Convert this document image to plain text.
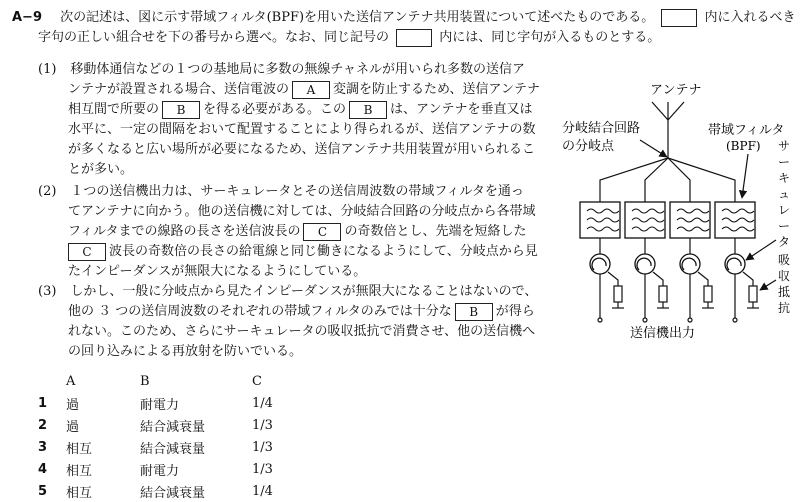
A−9 次の記述は、図に示す帯域フィルタ(BPF)を用いた送信アンテナ共用装置について述べたものである。	内に入れるべき
字句の正しい組合せを下の番号から選べ。なお、同じ記号の	内には、同じ字句が入るものとする。
(1) 移動体通信などの１つの基地局に多数の無線チャネルが用いられ多数の送信ア
ンテナが設置される場合、送信電波の A 変調を防止するため、送信アンテナ
相互間で所要の B を得る必要がある。この B は、アンテナを垂直又は
水平に、一定の間隔をおいて配置することにより得られるが、送信アンテナの数
が多くなると広い場所が必要になるため、送信アンテナ共用装置が用いられるこ
とが多い。
(2) １つの送信機出力は、サーキュレータとその送信周波数の帯域フィルタを通っ
てアンテナに向かう。他の送信機に対しては、分岐結合回路の分岐点から各帯域
フィルタまでの線路の長さを送信波長の C の奇数倍とし、先端を短絡した
C 波長の奇数倍の長さの給電線と同じ働きになるようにして、分岐点から見
たインピーダンスが無限大になるようにしている。
(3) しかし、一般に分岐点から見たインピーダンスが無限大になることはないので、
他の ３ つの送信周波数のそれぞれの帯域フィルタのみでは十分な B が得ら
れない。このため、さらにサーキュレータの吸収抵抗で消費させ、他の送信機へ
の回り込みによる再放射を防いでいる。
	A	B	C
1	過	耐電力	1/4
2	過	結合減衰量	1/3
3	相互	結合減衰量	1/3
4	相互	耐電力	1/3
5	相互	結合減衰量	1/4
アンテナ
分岐結合回路
の分岐点
帯域フィルタ
(BPF) サ
ー
キ
ュ
レ
ー
タ
吸
収
抵
抗
送信機出力
